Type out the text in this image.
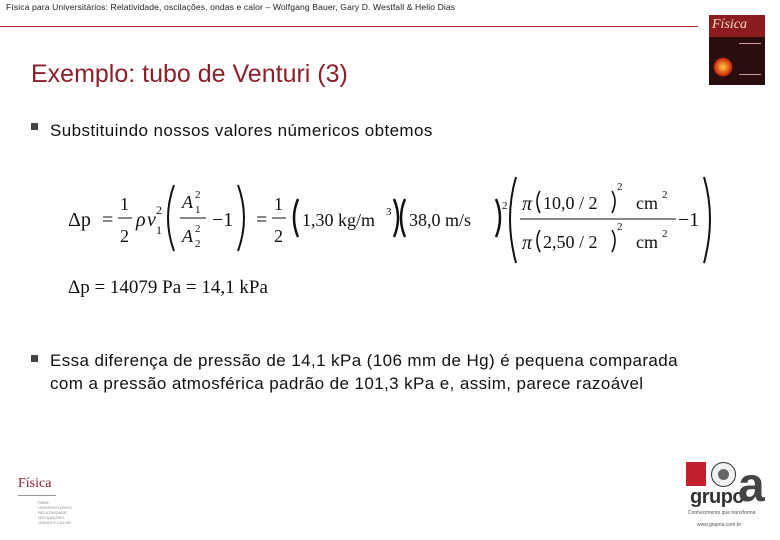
Física para Universitários: Relatividade, oscilações, ondas e calor – Wolfgang Bauer, Gary D. Westfall & Helio Dias
Física
Exemplo: tubo de Venturi (3)
Substituindo nossos valores númericos obtemos
Δp =
1
2
ρ v 2
1
A 2
1
A 2
2
−1 =
1
2
1,30 kg/m 3 38,0 m/s
2 π 10,0 / 2
2
cm 2
π 2,50 / 2
2
cm 2
−1
Δp = 14079 Pa = 14,1 kPa
Essa diferença de pressão de 14,1 kPa (106 mm de Hg) é pequena comparada com a pressão atmosférica padrão de 101,3 kPa e, assim, parece razoável
Física
PARA UNIVERSITÁRIOS RELATIVIDADE, OSCILAÇÕES, ONDAS E CALOR
grupo
a
Conhecimento que transforma
www.grupoa.com.br
